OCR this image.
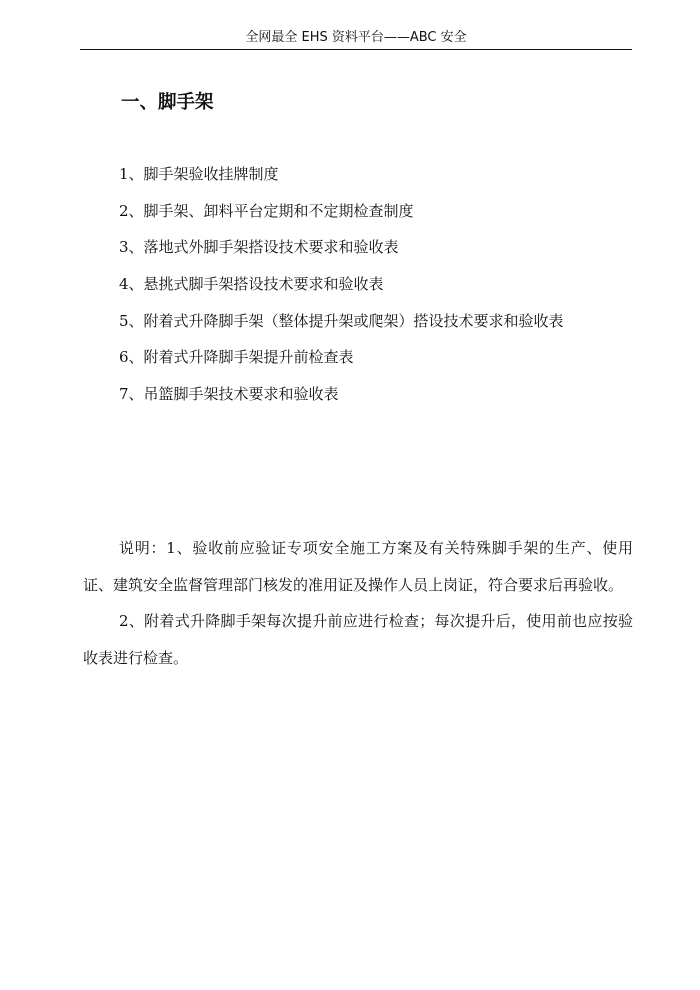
全网最全 EHS 资料平台——ABC 安全
一、脚手架
1、脚手架验收挂牌制度
2、脚手架、卸料平台定期和不定期检查制度
3、落地式外脚手架搭设技术要求和验收表
4、悬挑式脚手架搭设技术要求和验收表
5、附着式升降脚手架（整体提升架或爬架）搭设技术要求和验收表
6、附着式升降脚手架提升前检查表
7、吊篮脚手架技术要求和验收表

说明：1、验收前应验证专项安全施工方案及有关特殊脚手架的生产、使用证、建筑安全监督管理部门核发的准用证及操作人员上岗证，符合要求后再验收。

2、附着式升降脚手架每次提升前应进行检查；每次提升后，使用前也应按验收表进行检查。
